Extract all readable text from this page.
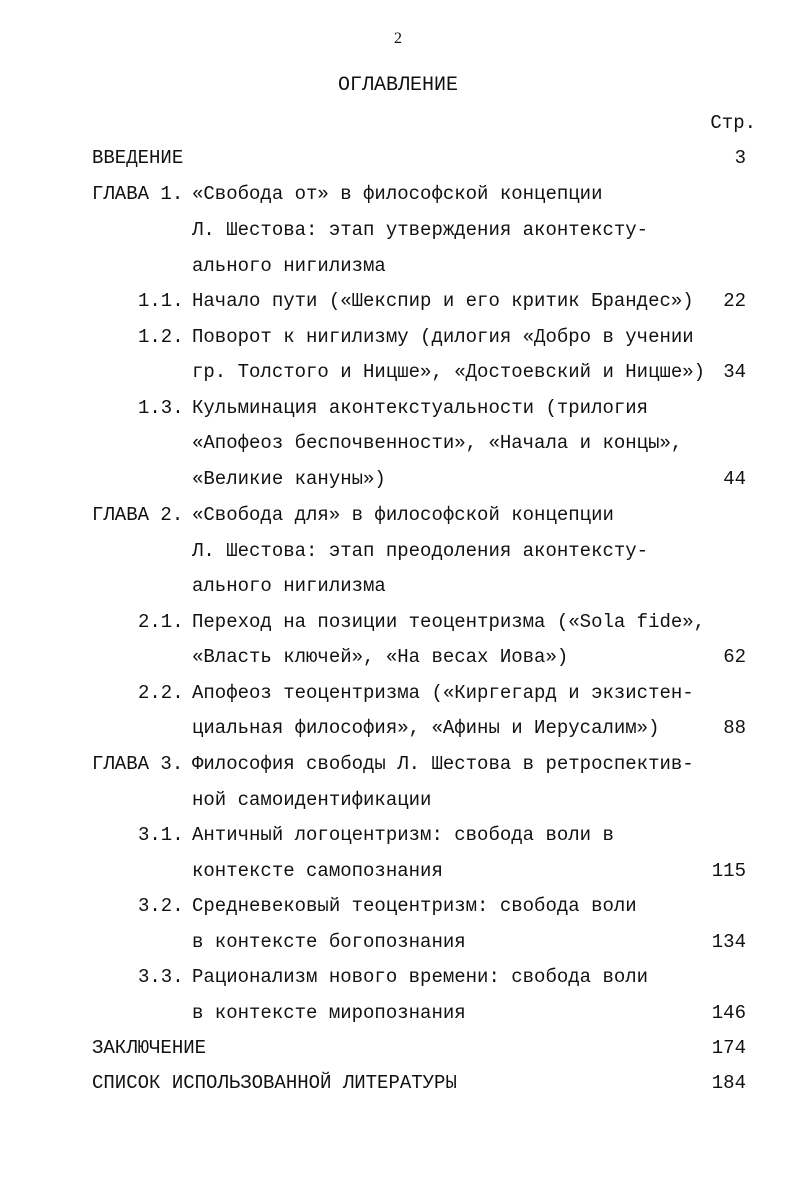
2
ОГЛАВЛЕНИЕ
Стр.
ВВЕДЕНИЕ	3
ГЛАВА 1. «Свобода от» в философской концепции
Л. Шестова: этап утверждения аконтексту-
ального нигилизма
1.1. Начало пути («Шекспир и его критик Брандес») 22
1.2. Поворот к нигилизму (дилогия «Добро в учении
гр. Толстого и Ницше», «Достоевский и Ницше») 34
1.3. Кульминация аконтекстуальности (трилогия
«Апофеоз беспочвенности», «Начала и концы»,
«Великие кануны»)	44
ГЛАВА 2. «Свобода для» в философской концепции
Л. Шестова: этап преодоления аконтексту-
ального нигилизма
2.1. Переход на позиции теоцентризма («Sola fide»,
«Власть ключей», «На весах Иова»)	62
2.2. Апофеоз теоцентризма («Киргегард и экзистен-
циальная философия», «Афины и Иерусалим»)	88
ГЛАВА 3. Философия свободы Л. Шестова в ретроспектив-
ной самоидентификации
3.1. Античный логоцентризм: свобода воли в
контексте самопознания	115
3.2. Средневековый теоцентризм: свобода воли
в контексте богопознания	134
3.3. Рационализм нового времени: свобода воли
в контексте миропознания	146
ЗАКЛЮЧЕНИЕ	174
СПИСОК ИСПОЛЬЗОВАННОЙ ЛИТЕРАТУРЫ	184
